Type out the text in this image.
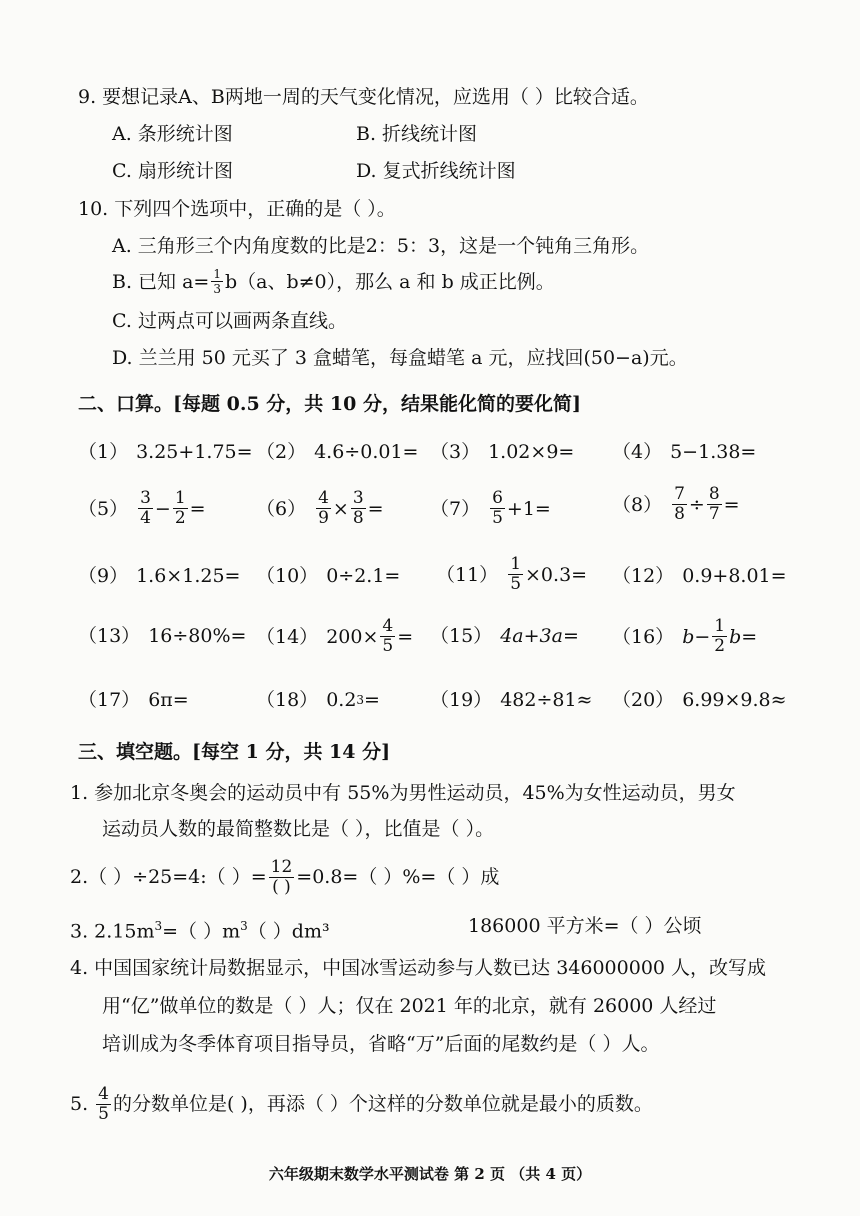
9. 要想记录A、B两地一周的天气变化情况，应选用（ ）比较合适。
A. 条形统计图	B. 折线统计图
C. 扇形统计图	D. 复式折线统计图
10. 下列四个选项中，正确的是（ ）。
A. 三角形三个内角度数的比是2：5：3，这是一个钝角三角形。
B. 已知 $a= \frac{1}{3} b(a$、b≠0），那么 a 和 b 成正比例。
C. 过两点可以画两条直线。
D. 兰兰用 50 元买了 3 盒蜡笔，每盒蜡笔 a 元，应找回(50−a)元。
二、口算。[每题 0.5 分，共 10 分，结果能化简的要化简]
（1） 3.25+1.75= （2） 4.6÷0.01= （3） 1.02×9= （4） 5−1.38=
$(5) \frac{3}{4} - \frac{1}{2}$ =	$(6) \frac{4}{9} \times \frac{3}{8} = (7) \frac{6}{5} +1=$	$(8) \frac{7}{8} \div \frac{8}{7}$ =
（9） 1.6×1.25= （10） $0\div 2.1= (11) \frac{1}{5} \times 0.3= (12)$ 0.9+8.01=
（13） 16÷80%= （14） $200\times \frac{4}{5} = (15)$ 4a+3a= （16） $b- \frac{1}{2} b=$
（17） 6π=	（18） 0.2 3 =	（19） 482÷81≈ （20） 6.99×9.8≈
三、填空题。[每空 1 分，共 14 分]
1. 参加北京冬奥会的运动员中有 55%为男性运动员，45%为女性运动员，男女
运动员人数的最简整数比是（ ），比值是（ ）。
2.（ ）÷25=4:（ ）= $\frac{12}{( )} =0.8=$（ ）%=（ ）成
3. $2.15m^3=$（ ）$m^3$（ ）dm³	186000 平方米=（ ）公顷
4. 中国国家统计局数据显示，中国冰雪运动参与人数已达 346000000 人，改写成
用“亿”做单位的数是（ ）人；仅在 2021 年的北京，就有 26000 人经过
培训成为冬季体育项目指导员，省略“万”后面的尾数约是（ ）人。
5. $\frac{4}{5}$ 的分数单位是( )，再添（ ）个这样的分数单位就是最小的质数。
六年级期末数学水平测试卷 第 2 页 （共 4 页）
